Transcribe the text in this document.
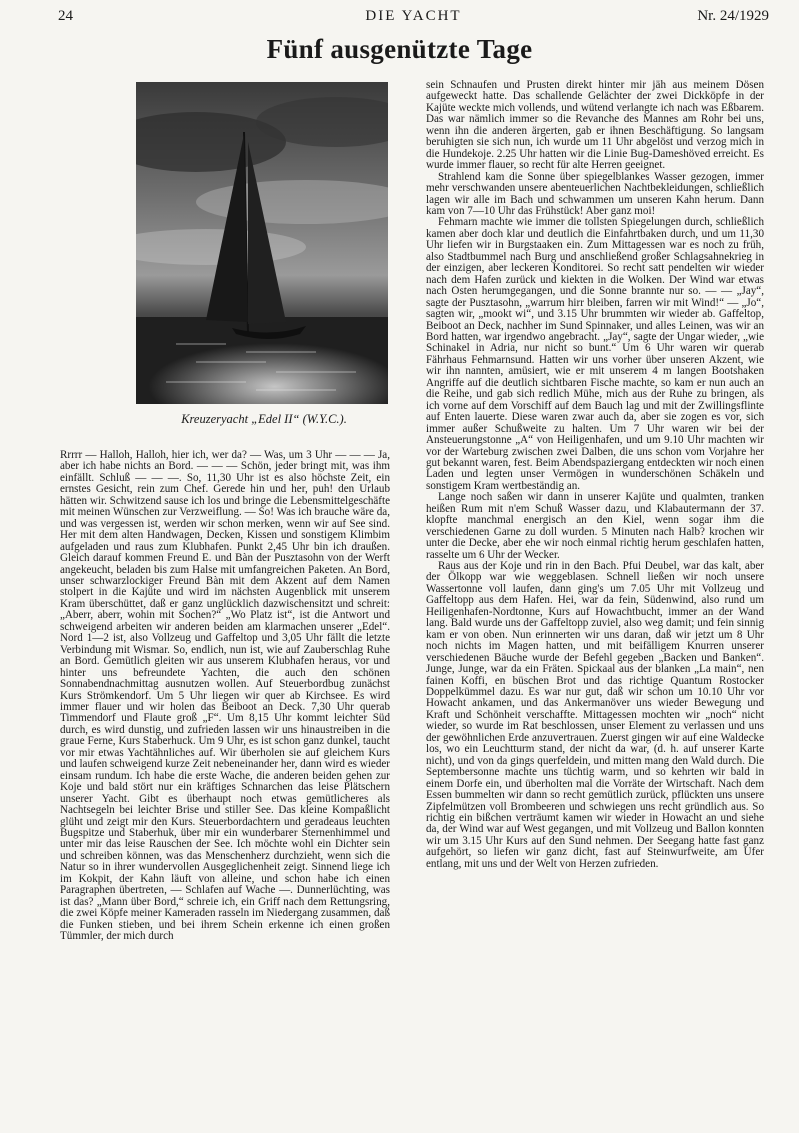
24	DIE YACHT	Nr. 24/1929
Fünf ausgenützte Tage
Kreuzeryacht „Edel II“ (W.Y.C.).

Rrrrr — Halloh, Halloh, hier ich, wer da? — Was, um 3 Uhr — — — Ja, aber ich habe nichts an Bord. — — — Schön, jeder bringt mit, was ihm einfällt. Schluß — — —. So, 11,30 Uhr ist es also höchste Zeit, ein ernstes Gesicht, rein zum Chef. Gerede hin und her, puh! den Urlaub hätten wir. Schwitzend sause ich los und bringe die Lebensmittelgeschäfte mit meinen Wünschen zur Verzweiflung. — So! Was ich brauche wäre da, und was vergessen ist, werden wir schon merken, wenn wir auf See sind. Her mit dem alten Handwagen, Decken, Kissen und sonstigem Klimbim aufgeladen und raus zum Klubhafen. Punkt 2,45 Uhr bin ich draußen. Gleich darauf kommen Freund E. und Bàn der Pusztasohn von der Werft angekeucht, beladen bis zum Halse mit umfangreichen Paketen. An Bord, unser schwarzlockiger Freund Bàn mit dem Akzent auf dem Namen stolpert in die Kajüte und wird im nächsten Augenblick mit unserem Kram überschüttet, daß er ganz unglücklich dazwischensitzt und schreit: „Aberr, aberr, wohin mit Sochen?“ „Wo Platz ist“, ist die Antwort und schweigend arbeiten wir anderen beiden am klarmachen unserer „Edel“. Nord 1—2 ist, also Vollzeug und Gaffeltop und 3,05 Uhr fällt die letzte Verbindung mit Wismar. So, endlich, nun ist, wie auf Zauberschlag Ruhe an Bord. Gemütlich gleiten wir aus unserem Klubhafen heraus, vor und hinter uns befreundete Yachten, die auch den schönen Sonnabendnachmittag ausnutzen wollen. Auf Steuerbordbug zunächst Kurs Strömkendorf. Um 5 Uhr liegen wir quer ab Kirchsee. Es wird immer flauer und wir holen das Beiboot an Deck. 7,30 Uhr querab Timmendorf und Flaute groß „F“. Um 8,15 Uhr kommt leichter Süd durch, es wird dunstig, und zufrieden lassen wir uns hinaustreiben in die graue Ferne, Kurs Staberhuck. Um 9 Uhr, es ist schon ganz dunkel, taucht vor mir etwas Yachtähnliches auf. Wir überholen sie auf gleichem Kurs und laufen schweigend kurze Zeit nebeneinander her, dann wird es wieder einsam rundum. Ich habe die erste Wache, die anderen beiden gehen zur Koje und bald stört nur ein kräftiges Schnarchen das leise Plätschern unserer Yacht. Gibt es überhaupt noch etwas gemütlicheres als Nachtsegeln bei leichter Brise und stiller See. Das kleine Kompaßlicht glüht und zeigt mir den Kurs. Steuerbordachtern und geradeaus leuchten Bugspitze und Staberhuk, über mir ein wunderbarer Sternenhimmel und unter mir das leise Rauschen der See. Ich möchte wohl ein Dichter sein und schreiben können, was das Menschenherz durchzieht, wenn sich die Natur so in ihrer wundervollen Ausgeglichenheit zeigt. Sinnend liege ich im Kokpit, der Kahn läuft von alleine, und schon habe ich einen Paragraphen übertreten, — Schlafen auf Wache —. Dunnerlüchting, was ist das? „Mann über Bord,“ schreie ich, ein Griff nach dem Rettungsring, die zwei Köpfe meiner Kameraden rasseln im Niedergang zusammen, daß die Funken stieben, und bei ihrem Schein erkenne ich einen großen Tümmler, der mich durch

sein Schnaufen und Prusten direkt hinter mir jäh aus meinem Dösen aufgeweckt hatte. Das schallende Gelächter der zwei Dickköpfe in der Kajüte weckte mich vollends, und wütend verlangte ich nach was Eßbarem. Das war nämlich immer so die Revanche des Mannes am Rohr bei uns, wenn ihn die anderen ärgerten, gab er ihnen Beschäftigung. So langsam beruhigten sie sich nun, ich wurde um 11 Uhr abgelöst und verzog mich in die Hundekoje. 2.25 Uhr hatten wir die Linie Bug-Dameshöved erreicht. Es wurde immer flauer, so recht für alte Herren geeignet.

Strahlend kam die Sonne über spiegelblankes Wasser gezogen, immer mehr verschwanden unsere abenteuerlichen Nachtbekleidungen, schließlich lagen wir alle im Bach und schwammen um unseren Kahn herum. Dann kam von 7—10 Uhr das Frühstück! Aber ganz moi!

Fehmarn machte wie immer die tollsten Spiegelungen durch, schließlich kamen aber doch klar und deutlich die Einfahrtbaken durch, und um 11,30 Uhr liefen wir in Burgstaaken ein. Zum Mittagessen war es noch zu früh, also Stadtbummel nach Burg und anschließend großer Schlagsahnekrieg in der einzigen, aber leckeren Konditorei. So recht satt pendelten wir wieder nach dem Hafen zurück und kiekten in die Wolken. Der Wind war etwas nach Osten herumgegangen, und die Sonne brannte nur so. — — „Jay“, sagte der Pusztasohn, „warrum hirr bleiben, farren wir mit Wind!“ — „Jo“, sagten wir, „mookt wi“, und 3.15 Uhr brummten wir wieder ab. Gaffeltop, Beiboot an Deck, nachher im Sund Spinnaker, und alles Leinen, was wir an Bord hatten, war irgendwo angebracht. „Jay“, sagte der Ungar wieder, „wie Schinakel in Adria, nur nicht so bunt.“ Um 6 Uhr waren wir querab Fährhaus Fehmarnsund. Hatten wir uns vorher über unseren Akzent, wie wir ihn nannten, amüsiert, wie er mit unserem 4 m langen Bootshaken Angriffe auf die deutlich sichtbaren Fische machte, so kam er nun auch an die Reihe, und gab sich redlich Mühe, mich aus der Ruhe zu bringen, als ich vorne auf dem Vorschiff auf dem Bauch lag und mit der Zwillingsflinte auf Enten lauerte. Diese waren zwar auch da, aber sie zogen es vor, sich immer außer Schußweite zu halten. Um 7 Uhr waren wir bei der Ansteuerungstonne „A“ von Heiligenhafen, und um 9.10 Uhr machten wir vor der Warteburg zwischen zwei Dalben, die uns schon vom Vorjahre her gut bekannt waren, fest. Beim Abendspaziergang entdeckten wir noch einen Laden und legten unser Vermögen in wunderschönen Schäkeln und sonstigem Kram wertbeständig an.

Lange noch saßen wir dann in unserer Kajüte und qualmten, tranken heißen Rum mit n'em Schuß Wasser dazu, und Klabautermann der 37. klopfte manchmal energisch an den Kiel, wenn sogar ihm die verschiedenen Garne zu doll wurden. 5 Minuten nach Halb? krochen wir unter die Decke, aber ehe wir noch einmal richtig herum geschlafen hatten, rasselte um 6 Uhr der Wecker.

Raus aus der Koje und rin in den Bach. Pfui Deubel, war das kalt, aber der Ölkopp war wie weggeblasen. Schnell ließen wir noch unsere Wassertonne voll laufen, dann ging's um 7.05 Uhr mit Vollzeug und Gaffeltopp aus dem Hafen. Hei, war da fein, Südenwind, also rund um Heiligenhafen-Nordtonne, Kurs auf Howachtbucht, immer an der Wand lang. Bald wurde uns der Gaffeltopp zuviel, also weg damit; und fein sinnig kam er von oben. Nun erinnerten wir uns daran, daß wir jetzt um 8 Uhr noch nichts im Magen hatten, und mit beifälligem Knurren unserer verschiedenen Bäuche wurde der Befehl gegeben „Backen und Banken“. Junge, Junge, war da ein Fräten. Spickaal aus der blanken „La main“, nen fainen Koffi, en büschen Brot und das richtige Quantum Rostocker Doppelkümmel dazu. Es war nur gut, daß wir schon um 10.10 Uhr vor Howacht ankamen, und das Ankermanöver uns wieder Bewegung und Kraft und Schönheit verschaffte. Mittagessen mochten wir „noch“ nicht wieder, so wurde im Rat beschlossen, unser Element zu verlassen und uns der gewöhnlichen Erde anzuvertrauen. Zuerst gingen wir auf eine Waldecke los, wo ein Leuchtturm stand, der nicht da war, (d. h. auf unserer Karte nicht), und von da gings querfeldein, und mitten mang den Wald durch. Die Septembersonne machte uns tüchtig warm, und so kehrten wir bald in einem Dorfe ein, und überholten mal die Vorräte der Wirtschaft. Nach dem Essen bummelten wir dann so recht gemütlich zurück, pflückten uns unsere Zipfelmützen voll Brombeeren und schwiegen uns recht gründlich aus. So richtig ein bißchen verträumt kamen wir wieder in Howacht an und siehe da, der Wind war auf West gegangen, und mit Vollzeug und Ballon konnten wir um 3.15 Uhr Kurs auf den Sund nehmen. Der Seegang hatte fast ganz aufgehört, so liefen wir ganz dicht, fast auf Steinwurfweite, am Ufer entlang, mit uns und der Welt von Herzen zufrieden.
